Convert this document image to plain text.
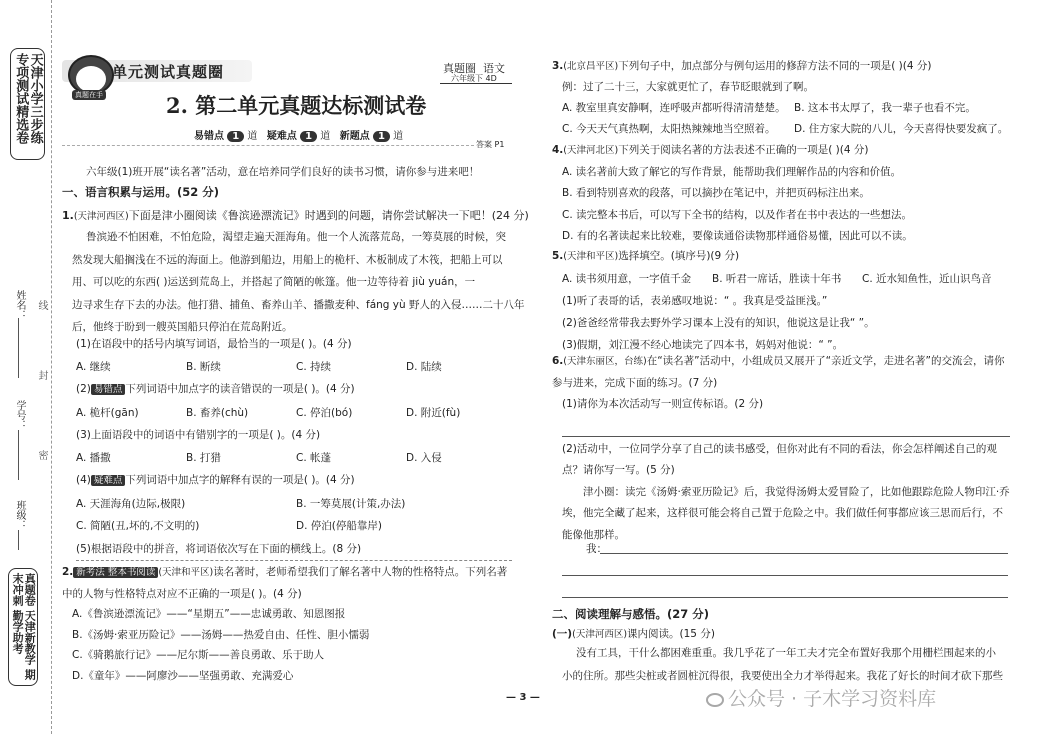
天津小学三步练 专项测试精选卷
姓名：
学号：
班级：
线
封
密
真题卷 天津新教学 期末冲刺 勤学助考
真题在手
单元测试真题圈	真题圈 语文
六年级下 4D
2. 第二单元真题达标测试卷
易错点 1 道 疑难点 1 道 新题点 1 道
答案 P1
六年级(1)班开展“读名著”活动，意在培养同学们良好的读书习惯，请你参与进来吧！
一、语言积累与运用。(52 分)
1.(天津河西区)下面是津小圈阅读《鲁滨逊漂流记》时遇到的问题，请你尝试解决一下吧！(24 分)
鲁滨逊不怕困难，不怕危险，渴望走遍天涯海角。他一个人流落荒岛，一筹莫展的时候，突
然发现大船搁浅在不远的海面上。他游到船边，用船上的桅杆、木板制成了木筏，把船上可以
用、可以吃的东西( )运送到荒岛上，并搭起了简陋的帐篷。他一边等待着 jiù yuán，一
边寻求生存下去的办法。他打猎、捕鱼、畜养山羊、播撒麦种、fáng yù 野人的入侵……二十八年
后，他终于盼到一艘英国船只停泊在荒岛附近。
(1)在语段中的括号内填写词语，最恰当的一项是( )。(4 分)
A. 继续	B. 断续	C. 持续	D. 陆续
(2) 易错点 下列词语中加点字的读音错误的一项是( )。(4 分)
A. 桅杆(gān)	B. 畜养(chù)	C. 停泊(bó)	D. 附近(fù)
(3)上面语段中的词语中有错别字的一项是( )。(4 分)
A. 播撒	B. 打猎	C. 帐蓬	D. 入侵
(4) 疑难点 下列词语中加点字的解释有误的一项是( )。(4 分)
A. 天涯海角(边际,极限)	B. 一筹莫展(计策,办法)
C. 简陋(丑,坏的,不文明的)	D. 停泊(停船靠岸)
(5)根据语段中的拼音，将词语依次写在下面的横线上。(8 分)
2. 新考法 整本书阅读 (天津和平区)读名著时，老师希望我们了解名著中人物的性格特点。下列名著中的人物与性格特点对应不正确的一项是( )。(4 分)
A.《鲁滨逊漂流记》——“星期五”——忠诚勇敢、知恩图报
B.《汤姆·索亚历险记》——汤姆——热爱自由、任性、胆小懦弱
C.《骑鹅旅行记》——尼尔斯——善良勇敢、乐于助人
D.《童年》——阿廖沙——坚强勇敢、充满爱心
3.(北京昌平区)下列句子中，加点部分与例句运用的修辞方法不同的一项是( )(4 分)
例：过了二十三，大家就更忙了，春节眨眼就到了啊。
A. 教室里真安静啊，连呼吸声都听得清清楚楚。 B. 这本书太厚了，我一辈子也看不完。
C. 今天天气真热啊，太阳热辣辣地当空照着。	D. 住方家大院的八儿，今天喜得快要发疯了。
4.(天津河北区)下列关于阅读名著的方法表述不正确的一项是( )(4 分)
A. 读名著前大致了解它的写作背景，能帮助我们理解作品的内容和价值。
B. 看到特别喜欢的段落，可以摘抄在笔记中，并把页码标注出来。
C. 读完整本书后，可以写下全书的结构，以及作者在书中表达的一些想法。
D. 有的名著读起来比较难，要像读通俗读物那样通俗易懂，因此可以不读。
5.(天津和平区)选择填空。(填序号)(9 分)
A. 读书须用意，一字值千金	B. 听君一席话，胜读十年书	C. 近水知鱼性，近山识鸟音
(1)听了表哥的话，表弟感叹地说：“ 。我真是受益匪浅。”
(2)爸爸经常带我去野外学习课本上没有的知识，他说这是让我“ ”。
(3)假期，刘江漫不经心地读完了四本书，妈妈对他说：“ ”。
6.(天津东丽区，台练)在“读名著”活动中，小组成员又展开了“亲近文学，走进名著”的交流会，请你参与进来，完成下面的练习。(7 分)
(1)请你为本次活动写一则宣传标语。(2 分)
(2)活动中，一位同学分享了自己的读书感受，但你对此有不同的看法，你会怎样阐述自己的观点？请你写一写。(5 分)
津小圈：读完《汤姆·索亚历险记》后，我觉得汤姆太爱冒险了，比如他跟踪危险人物印江·乔埃，他完全藏了起来，这样很可能会将自己置于危险之中。我们做任何事都应该三思而后行，不能像他那样。
我：
二、阅读理解与感悟。(27 分)
(一)(天津河西区)课内阅读。(15 分)
没有工具，干什么都困难重重。我几乎花了一年工夫才完全布置好我那个用栅栏围起来的小
小的住所。那些尖桩或者圆桩沉得很，我要使出全力才举得起来。我花了好长的时间才砍下那些
— 3 —	公众号 · 子木学习资料库
